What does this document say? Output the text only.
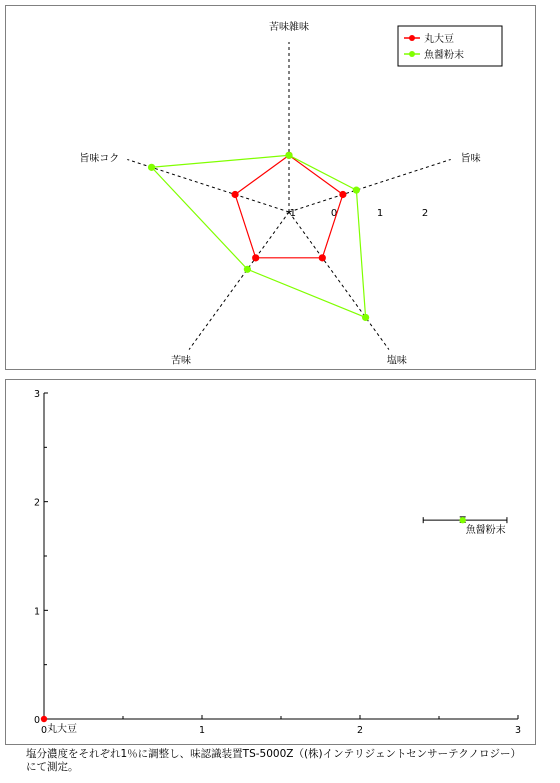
苦味雑味
旨味
塩味
苦味
旨味コク
-1	0	1	2
丸大豆
魚醤粉末
0	1	2	3
0
1
2
3
丸大豆
魚醤粉末
塩分濃度をそれぞれ1％に調整し、味認識装置TS-5000Z（(株)インテリジェントセンサーテクノロジー）
にて測定。
